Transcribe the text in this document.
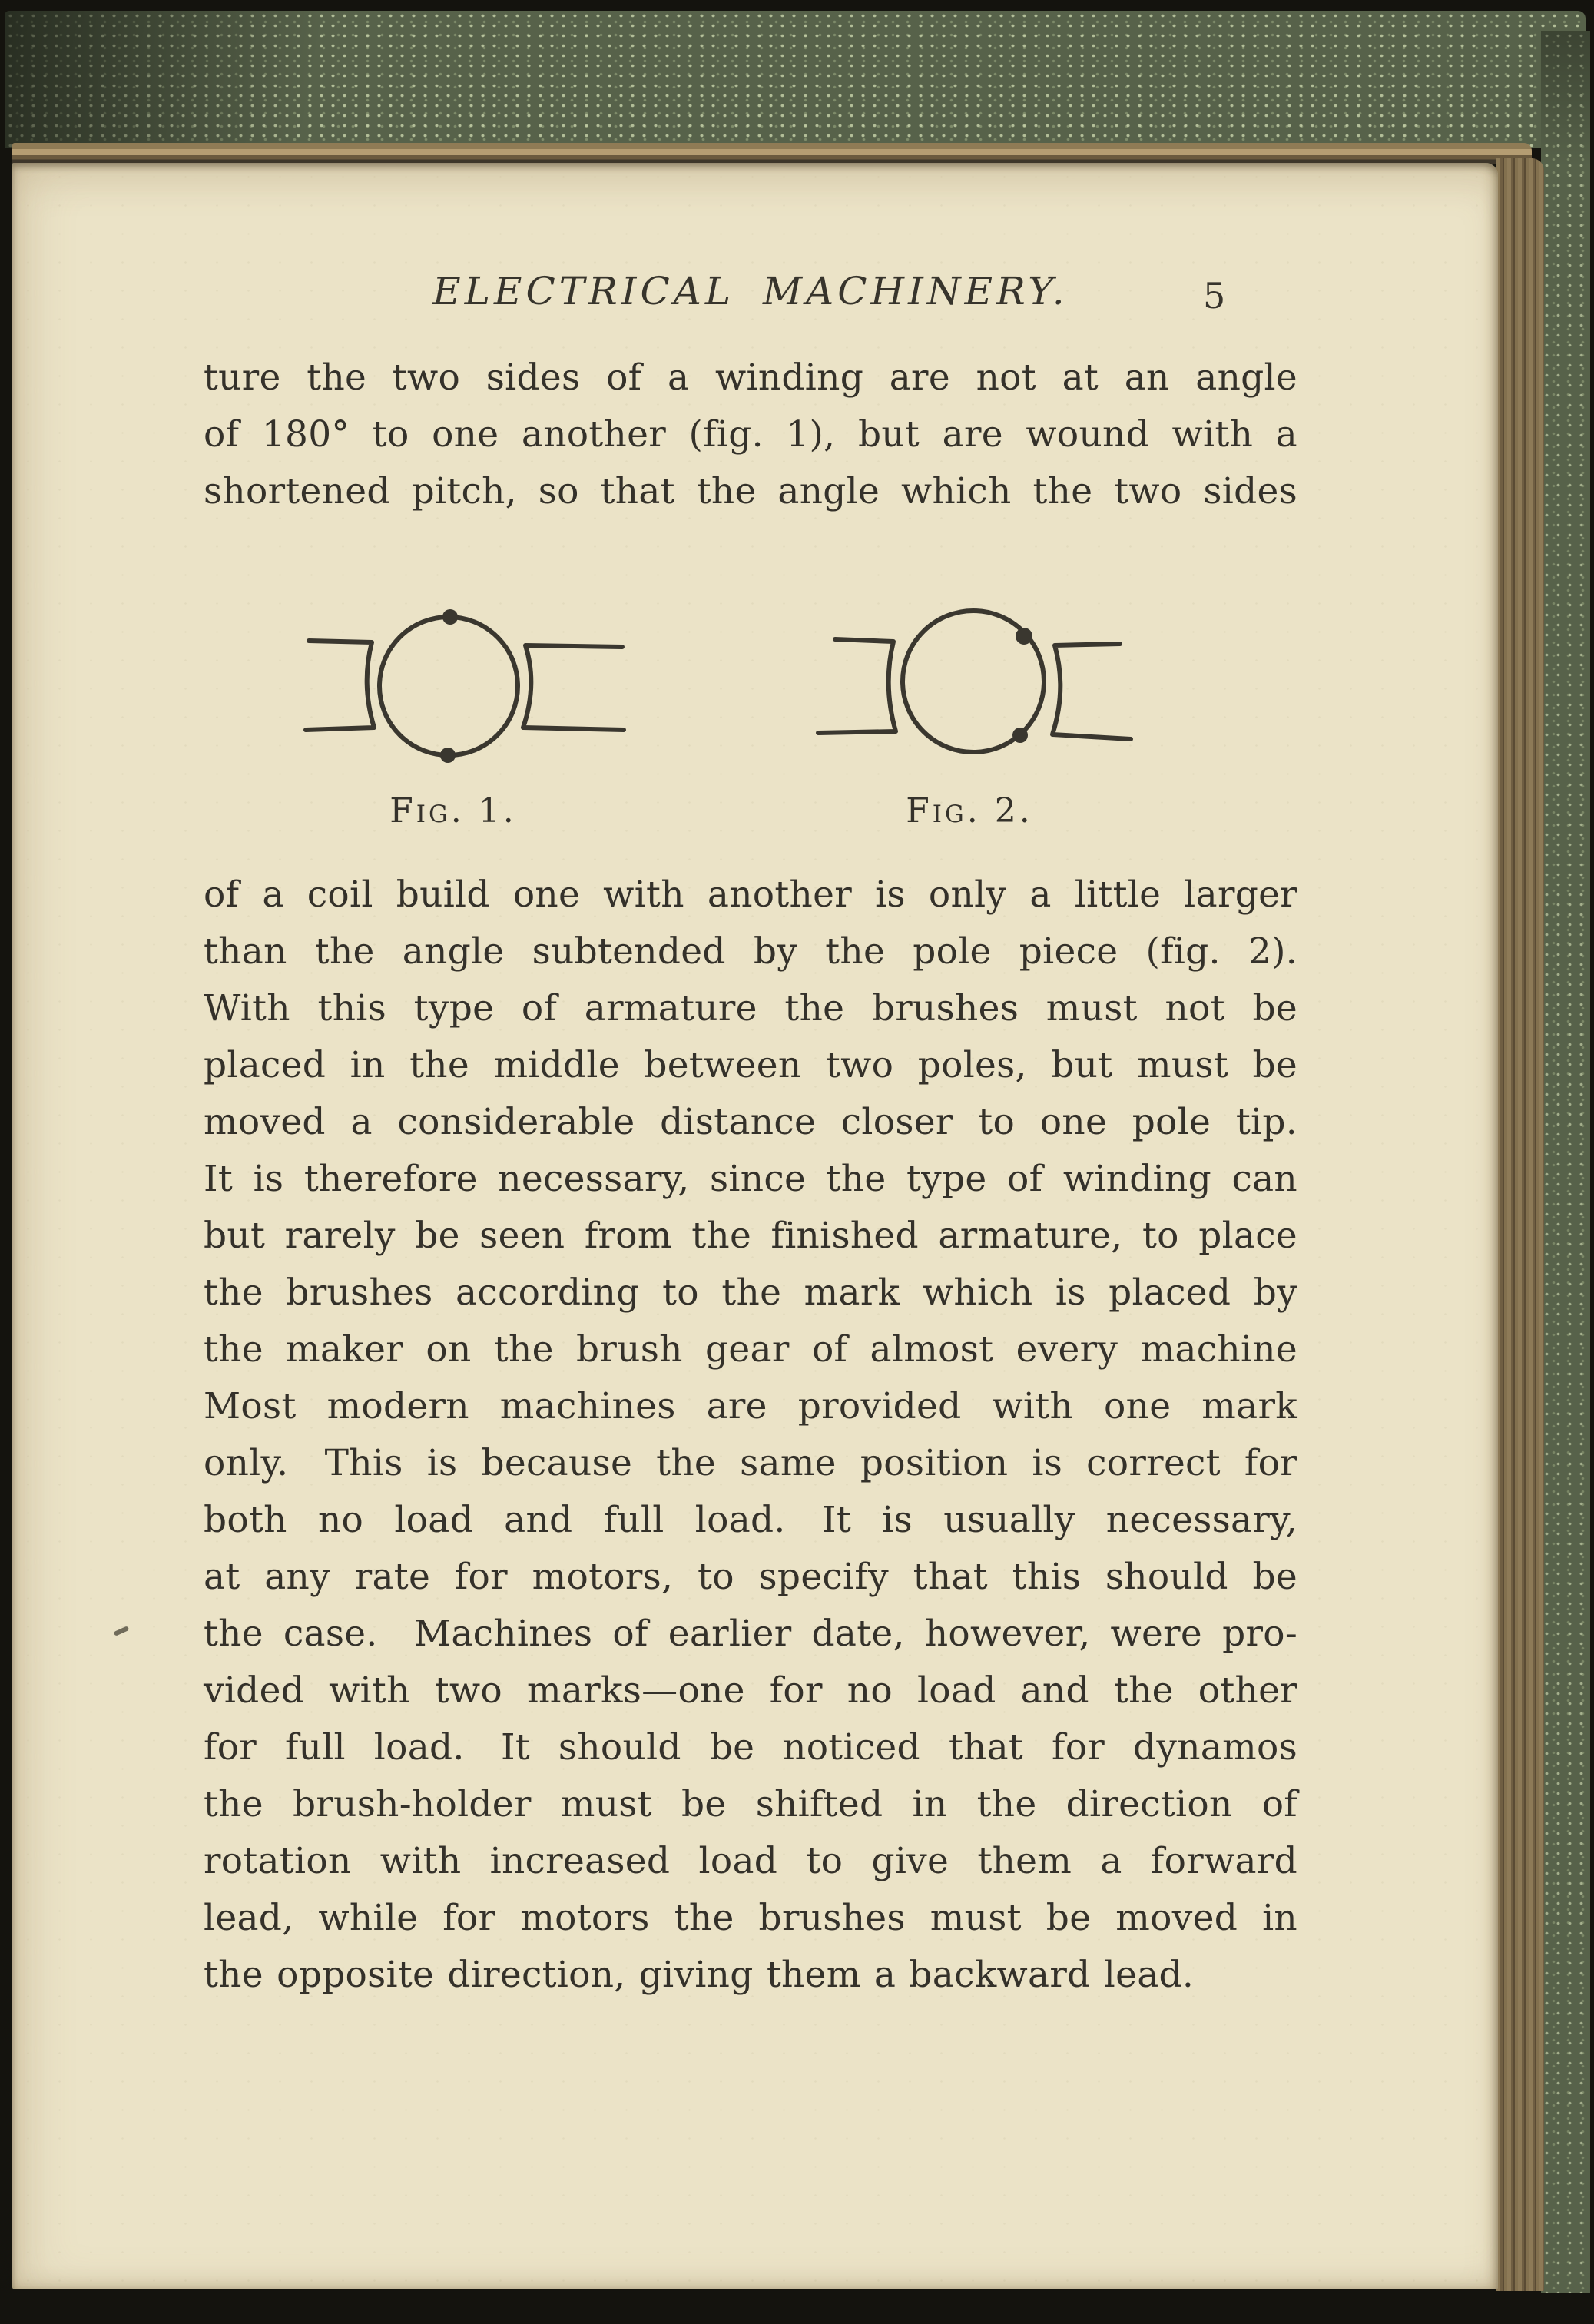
ELECTRICAL MACHINERY.	5
ture the two sides of a winding are not at an angle
of 180° to one another (fig. 1), but are wound with a
shortened pitch, so that the angle which the two sides
Fig. 1.	Fig. 2.
of a coil build one with another is only a little larger
than the angle subtended by the pole piece (fig. 2).
With this type of armature the brushes must not be
placed in the middle between two poles, but must be
moved a considerable distance closer to one pole tip.
It is therefore necessary, since the type of winding can
but rarely be seen from the finished armature, to place
the brushes according to the mark which is placed by
the maker on the brush gear of almost every machine
Most modern machines are provided with one mark
only. This is because the same position is correct for
both no load and full load. It is usually necessary,
at any rate for motors, to specify that this should be
the case. Machines of earlier date, however, were pro-
vided with two marks—one for no load and the other
for full load. It should be noticed that for dynamos
the brush-holder must be shifted in the direction of
rotation with increased load to give them a forward
lead, while for motors the brushes must be moved in
the opposite direction, giving them a backward lead.
